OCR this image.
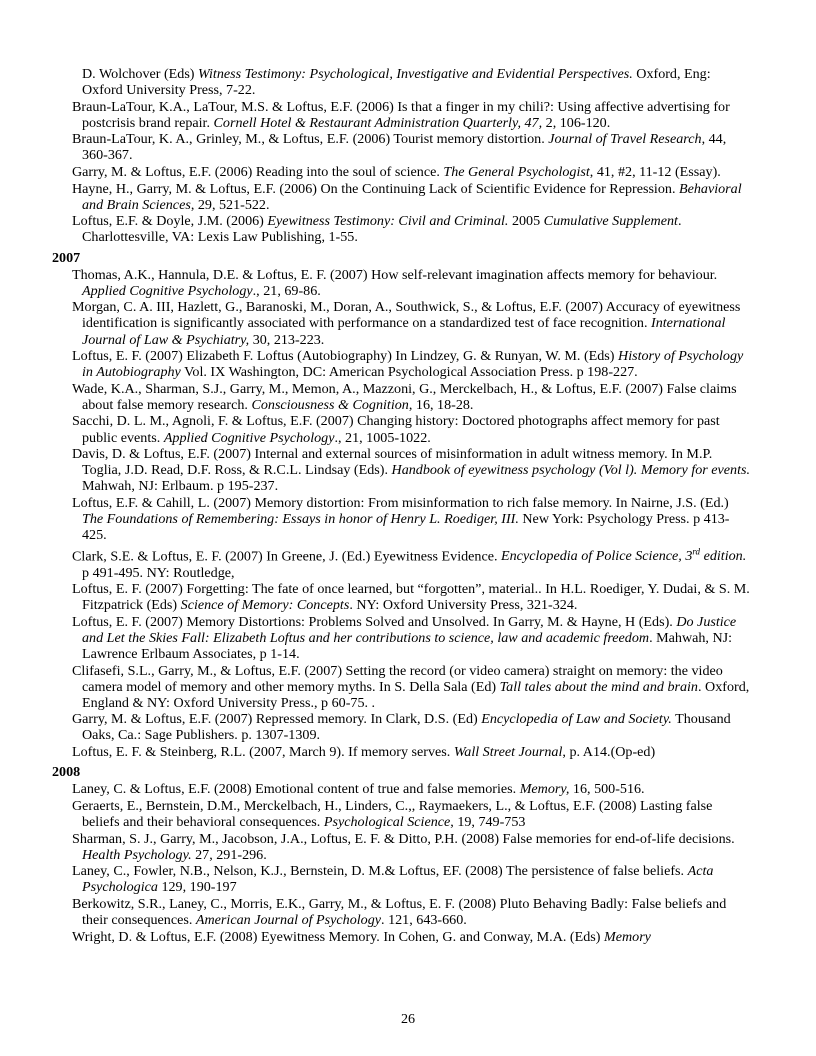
D. Wolchover (Eds) Witness Testimony: Psychological, Investigative and Evidential Perspectives. Oxford, Eng: Oxford University Press, 7-22.
Braun-LaTour, K.A., LaTour, M.S. & Loftus, E.F. (2006) Is that a finger in my chili?: Using affective advertising for postcrisis brand repair. Cornell Hotel & Restaurant Administration Quarterly, 47, 2, 106-120.
Braun-LaTour, K. A., Grinley, M., & Loftus, E.F. (2006) Tourist memory distortion. Journal of Travel Research, 44, 360-367.
Garry, M. & Loftus, E.F. (2006) Reading into the soul of science. The General Psychologist, 41, #2, 11-12 (Essay).
Hayne, H., Garry, M. & Loftus, E.F. (2006) On the Continuing Lack of Scientific Evidence for Repression. Behavioral and Brain Sciences, 29, 521-522.
Loftus, E.F. & Doyle, J.M. (2006) Eyewitness Testimony: Civil and Criminal. 2005 Cumulative Supplement. Charlottesville, VA: Lexis Law Publishing, 1-55.
2007
Thomas, A.K., Hannula, D.E. & Loftus, E. F. (2007) How self-relevant imagination affects memory for behaviour. Applied Cognitive Psychology., 21, 69-86.
Morgan, C. A. III, Hazlett, G., Baranoski, M., Doran, A., Southwick, S., & Loftus, E.F. (2007) Accuracy of eyewitness identification is significantly associated with performance on a standardized test of face recognition. International Journal of Law & Psychiatry, 30, 213-223.
Loftus, E. F. (2007) Elizabeth F. Loftus (Autobiography) In Lindzey, G. & Runyan, W. M. (Eds) History of Psychology in Autobiography Vol. IX Washington, DC: American Psychological Association Press. p 198-227.
Wade, K.A., Sharman, S.J., Garry, M., Memon, A., Mazzoni, G., Merckelbach, H., & Loftus, E.F. (2007) False claims about false memory research. Consciousness & Cognition, 16, 18-28.
Sacchi, D. L. M., Agnoli, F. & Loftus, E.F. (2007) Changing history: Doctored photographs affect memory for past public events. Applied Cognitive Psychology., 21, 1005-1022.
Davis, D. & Loftus, E.F. (2007) Internal and external sources of misinformation in adult witness memory. In M.P. Toglia, J.D. Read, D.F. Ross, & R.C.L. Lindsay (Eds). Handbook of eyewitness psychology (Vol l). Memory for events. Mahwah, NJ: Erlbaum. p 195-237.
Loftus, E.F. & Cahill, L. (2007) Memory distortion: From misinformation to rich false memory. In Nairne, J.S. (Ed.) The Foundations of Remembering: Essays in honor of Henry L. Roediger, III. New York: Psychology Press. p 413-425.
Clark, S.E. & Loftus, E. F. (2007) In Greene, J. (Ed.) Eyewitness Evidence. Encyclopedia of Police Science, 3rd edition. p 491-495. NY: Routledge,
Loftus, E. F. (2007) Forgetting: The fate of once learned, but “forgotten”, material.. In H.L. Roediger, Y. Dudai, & S. M. Fitzpatrick (Eds) Science of Memory: Concepts. NY: Oxford University Press, 321-324.
Loftus, E. F. (2007) Memory Distortions: Problems Solved and Unsolved. In Garry, M. & Hayne, H (Eds). Do Justice and Let the Skies Fall: Elizabeth Loftus and her contributions to science, law and academic freedom. Mahwah, NJ: Lawrence Erlbaum Associates, p 1-14.
Clifasefi, S.L., Garry, M., & Loftus, E.F. (2007) Setting the record (or video camera) straight on memory: the video camera model of memory and other memory myths. In S. Della Sala (Ed) Tall tales about the mind and brain. Oxford, England & NY: Oxford University Press., p 60-75. .
Garry, M. & Loftus, E.F. (2007) Repressed memory. In Clark, D.S. (Ed) Encyclopedia of Law and Society. Thousand Oaks, Ca.: Sage Publishers. p. 1307-1309.
Loftus, E. F. & Steinberg, R.L. (2007, March 9). If memory serves. Wall Street Journal, p. A14.(Op-ed)
2008
Laney, C. & Loftus, E.F. (2008) Emotional content of true and false memories. Memory, 16, 500-516.
Geraerts, E., Bernstein, D.M., Merckelbach, H., Linders, C.,, Raymaekers, L., & Loftus, E.F. (2008) Lasting false beliefs and their behavioral consequences. Psychological Science, 19, 749-753
Sharman, S. J., Garry, M., Jacobson, J.A., Loftus, E. F. & Ditto, P.H. (2008) False memories for end-of-life decisions. Health Psychology. 27, 291-296.
Laney, C., Fowler, N.B., Nelson, K.J., Bernstein, D. M.& Loftus, EF. (2008) The persistence of false beliefs. Acta Psychologica 129, 190-197
Berkowitz, S.R., Laney, C., Morris, E.K., Garry, M., & Loftus, E. F. (2008) Pluto Behaving Badly: False beliefs and their consequences. American Journal of Psychology. 121, 643-660.
Wright, D. & Loftus, E.F. (2008) Eyewitness Memory. In Cohen, G. and Conway, M.A. (Eds) Memory
26
